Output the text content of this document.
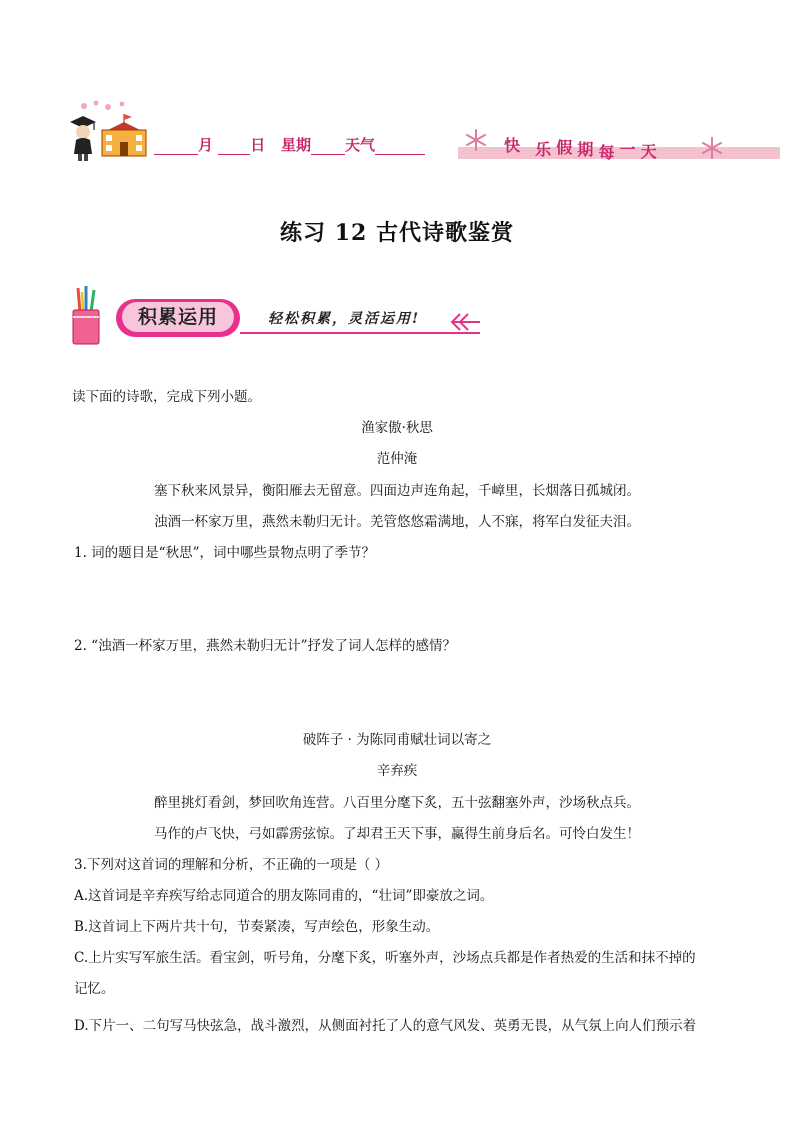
月 日 星期 天气	快 乐 假 期 每 一 天
练习 12 古代诗歌鉴赏
积累运用	轻松积累，灵活运用!
读下面的诗歌，完成下列小题。
渔家傲·秋思
范仲淹
塞下秋来风景异，衡阳雁去无留意。四面边声连角起，千嶂里，长烟落日孤城闭。
浊酒一杯家万里，燕然未勒归无计。羌管悠悠霜满地，人不寐，将军白发征夫泪。
1. 词的题目是“秋思”，词中哪些景物点明了季节？
2. “浊酒一杯家万里，燕然未勒归无计”抒发了词人怎样的感情？
破阵子 · 为陈同甫赋壮词以寄之
辛弃疾
醉里挑灯看剑，梦回吹角连营。八百里分麾下炙，五十弦翻塞外声，沙场秋点兵。
马作的卢飞快，弓如霹雳弦惊。了却君王天下事，赢得生前身后名。可怜白发生！
3.下列对这首词的理解和分析，不正确的一项是（ ）
A.这首词是辛弃疾写给志同道合的朋友陈同甫的，“壮词”即豪放之词。
B.这首词上下两片共十句，节奏紧凑，写声绘色，形象生动。
C.上片实写军旅生活。看宝剑，听号角，分麾下炙，听塞外声，沙场点兵都是作者热爱的生活和抹不掉的
记忆。
D.下片一、二句写马快弦急，战斗激烈，从侧面衬托了人的意气风发、英勇无畏，从气氛上向人们预示着
